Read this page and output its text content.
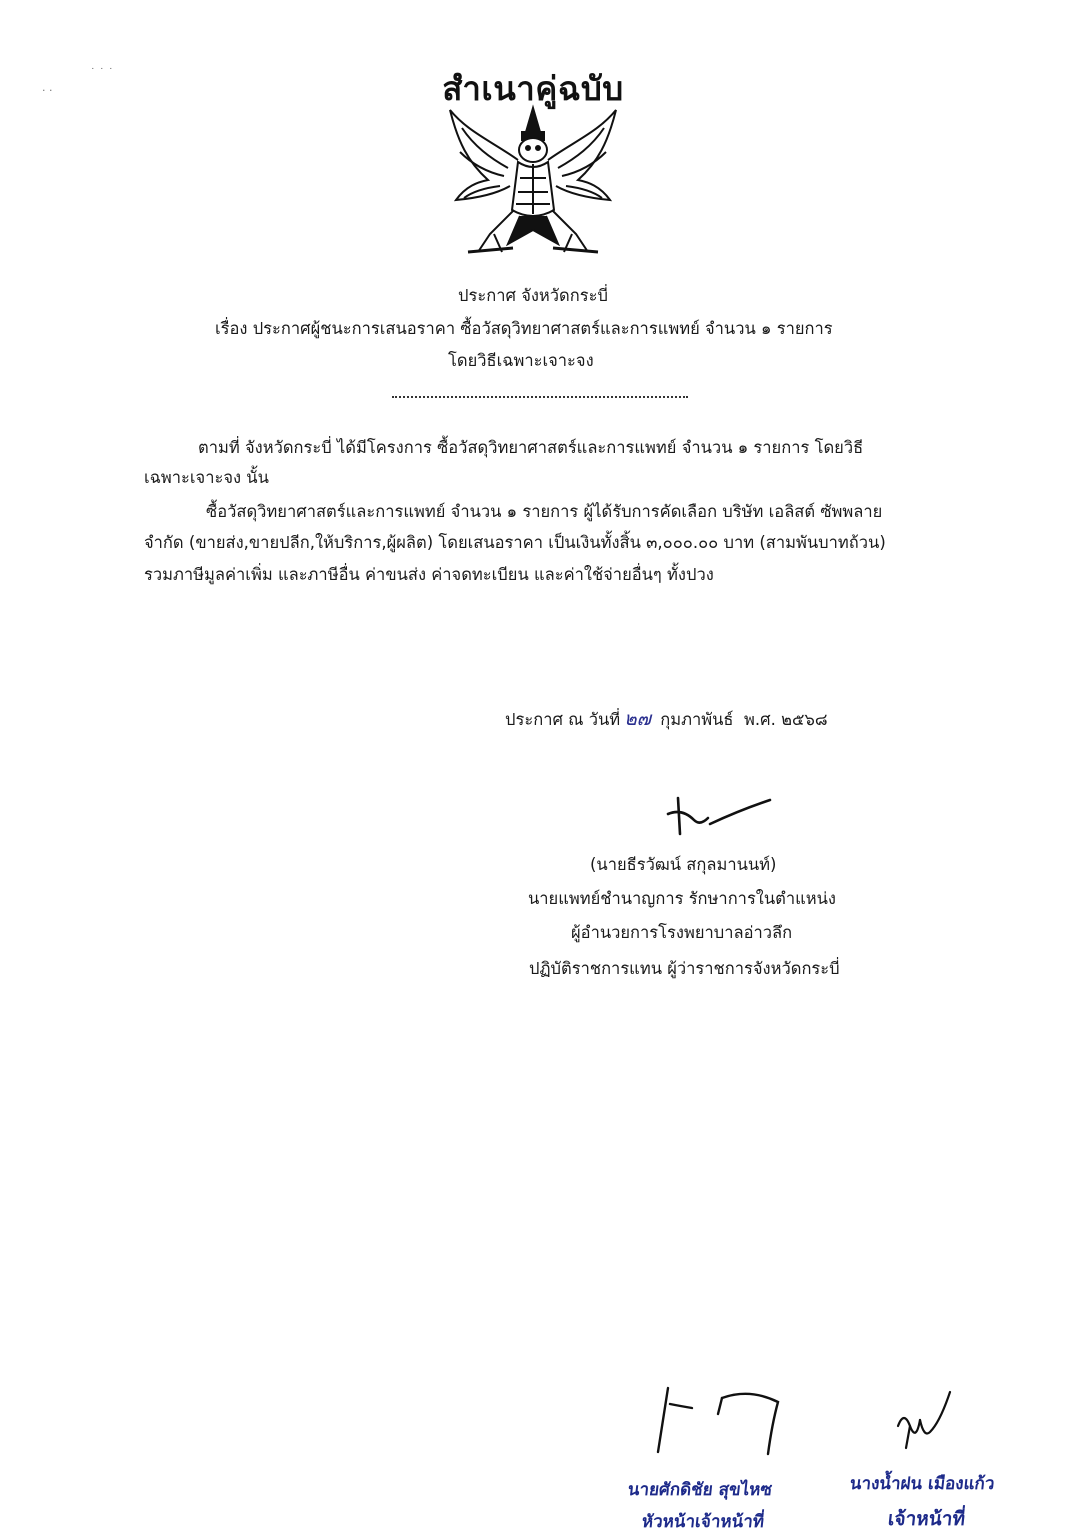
· ·
˙ ˙ ˙	สำเนาคู่ฉบับ
ประกาศ จังหวัดกระบี่
เรื่อง ประกาศผู้ชนะการเสนอราคา ซื้อวัสดุวิทยาศาสตร์และการแพทย์ จำนวน ๑ รายการ
โดยวิธีเฉพาะเจาะจง
ตามที่ จังหวัดกระบี่ ได้มีโครงการ ซื้อวัสดุวิทยาศาสตร์และการแพทย์ จำนวน ๑ รายการ โดยวิธี
เฉพาะเจาะจง นั้น
ซื้อวัสดุวิทยาศาสตร์และการแพทย์ จำนวน ๑ รายการ ผู้ได้รับการคัดเลือก บริษัท เอลิสต์ ซัพพลาย
จำกัด (ขายส่ง,ขายปลีก,ให้บริการ,ผู้ผลิต) โดยเสนอราคา เป็นเงินทั้งสิ้น ๓,๐๐๐.๐๐ บาท (สามพันบาทถ้วน)
รวมภาษีมูลค่าเพิ่ม และภาษีอื่น ค่าขนส่ง ค่าจดทะเบียน และค่าใช้จ่ายอื่นๆ ทั้งปวง
ประกาศ ณ วันที่ ๒๗ กุมภาพันธ์ พ.ศ. ๒๕๖๘
(นายธีรวัฒน์ สกุลมานนท์)
นายแพทย์ชำนาญการ รักษาการในตำแหน่ง
ผู้อำนวยการโรงพยาบาลอ่าวลึก
ปฏิบัติราชการแทน ผู้ว่าราชการจังหวัดกระบี่
นายศักดิชัย สุขไหซ
หัวหน้าเจ้าหน้าที่
นางน้ำฝน เมืองแก้ว
เจ้าหน้าที่
